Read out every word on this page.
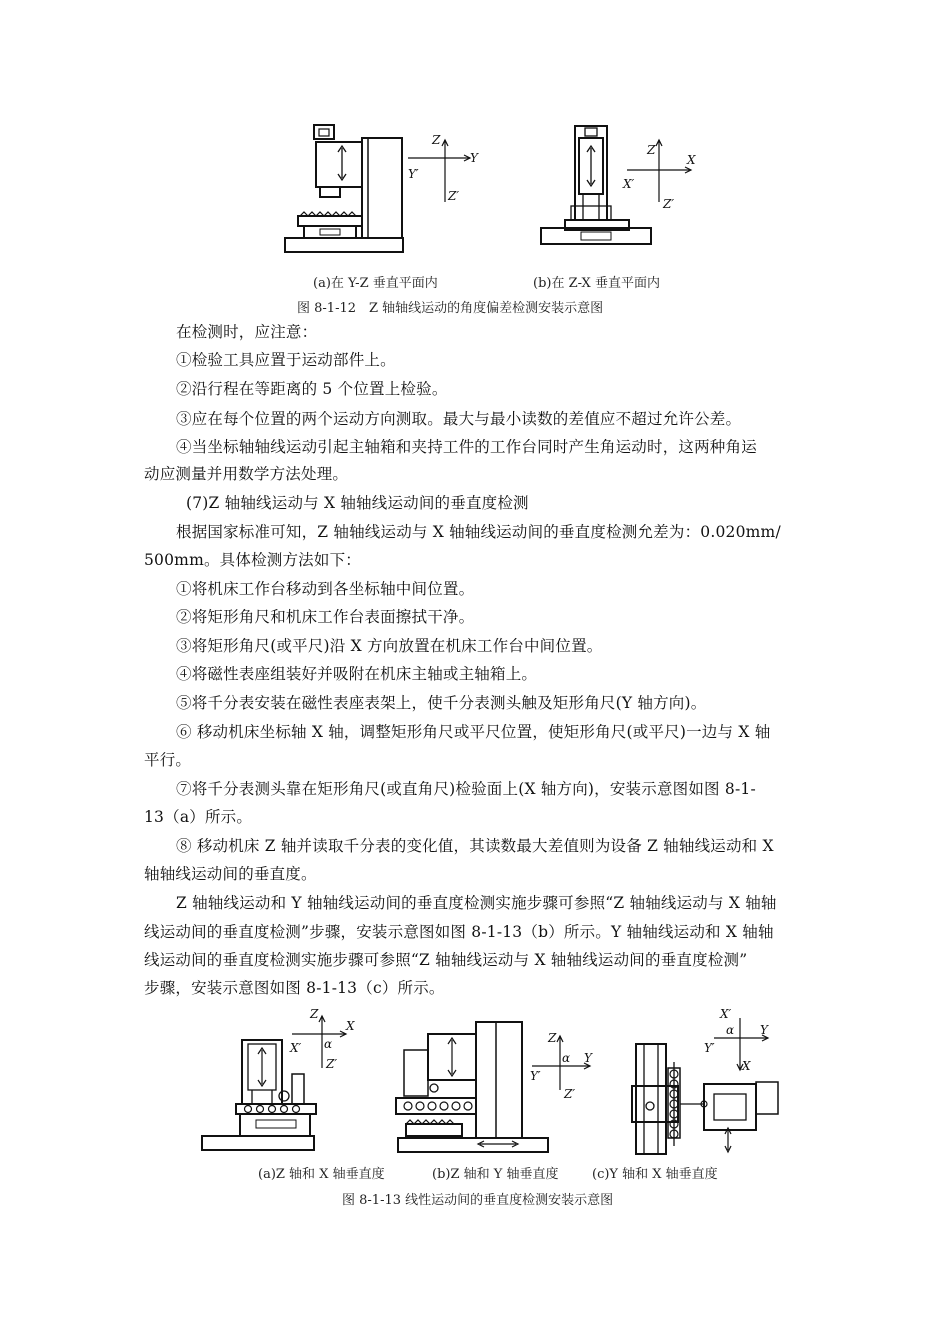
Z
Y
Y′
Z′
Z
X
X′
Z′
(a)在 Y-Z 垂直平面内	(b)在 Z-X 垂直平面内
图 8-1-12　Z 轴轴线运动的角度偏差检测安装示意图
在检测时，应注意：
①检验工具应置于运动部件上。
②沿行程在等距离的 5 个位置上检验。
③应在每个位置的两个运动方向测取。最大与最小读数的差值应不超过允许公差。
④当坐标轴轴线运动引起主轴箱和夹持工件的工作台同时产生角运动时，这两种角运
动应测量并用数学方法处理。
(7)Z 轴轴线运动与 X 轴轴线运动间的垂直度检测
根据国家标准可知，Z 轴轴线运动与 X 轴轴线运动间的垂直度检测允差为：0.020mm/
500mm。具体检测方法如下：
①将机床工作台移动到各坐标轴中间位置。
②将矩形角尺和机床工作台表面擦拭干净。
③将矩形角尺(或平尺)沿 X 方向放置在机床工作台中间位置。
④将磁性表座组装好并吸附在机床主轴或主轴箱上。
⑤将千分表安装在磁性表座表架上，使千分表测头触及矩形角尺(Y 轴方向)。
⑥ 移动机床坐标轴 X 轴，调整矩形角尺或平尺位置，使矩形角尺(或平尺)一边与 X 轴
平行。
⑦将千分表测头靠在矩形角尺(或直角尺)检验面上(X 轴方向)，安装示意图如图 8-1-
13（a）所示。
⑧ 移动机床 Z 轴并读取千分表的变化值，其读数最大差值则为设备 Z 轴轴线运动和 X
轴轴线运动间的垂直度。
Z 轴轴线运动和 Y 轴轴线运动间的垂直度检测实施步骤可参照“Z 轴轴线运动与 X 轴轴
线运动间的垂直度检测”步骤，安装示意图如图 8-1-13（b）所示。Y 轴轴线运动和 X 轴轴
线运动间的垂直度检测实施步骤可参照“Z 轴轴线运动与 X 轴轴线运动间的垂直度检测”
步骤，安装示意图如图 8-1-13（c）所示。
Z
X
X′ α
Z′
Z
Y
Y′
α
Z′
X′
Y
Y′
α
X
(a)Z 轴和 X 轴垂直度	(b)Z 轴和 Y 轴垂直度	(c)Y 轴和 X 轴垂直度
图 8-1-13 线性运动间的垂直度检测安装示意图
